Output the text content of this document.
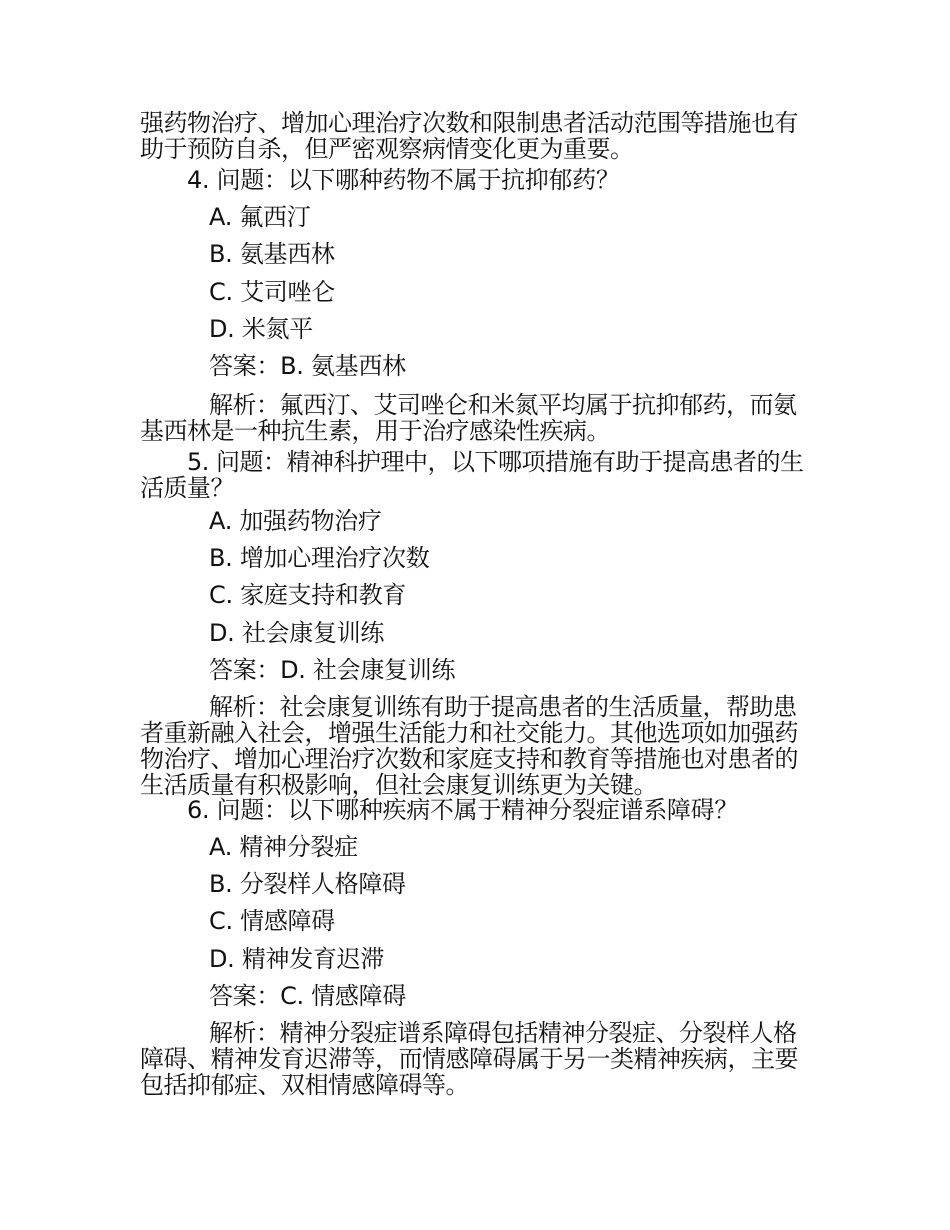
强药物治疗、增加心理治疗次数和限制患者活动范围等措施也有助于预防自杀，但严密观察病情变化更为重要。
4. 问题：以下哪种药物不属于抗抑郁药？
A. 氟西汀
B. 氨基西林
C. 艾司唑仑
D. 米氮平
答案：B. 氨基西林
解析：氟西汀、艾司唑仑和米氮平均属于抗抑郁药，而氨基西林是一种抗生素，用于治疗感染性疾病。
5. 问题：精神科护理中，以下哪项措施有助于提高患者的生活质量？
A. 加强药物治疗
B. 增加心理治疗次数
C. 家庭支持和教育
D. 社会康复训练
答案：D. 社会康复训练
解析：社会康复训练有助于提高患者的生活质量，帮助患者重新融入社会，增强生活能力和社交能力。其他选项如加强药物治疗、增加心理治疗次数和家庭支持和教育等措施也对患者的生活质量有积极影响，但社会康复训练更为关键。
6. 问题：以下哪种疾病不属于精神分裂症谱系障碍？
A. 精神分裂症
B. 分裂样人格障碍
C. 情感障碍
D. 精神发育迟滞
答案：C. 情感障碍
解析：精神分裂症谱系障碍包括精神分裂症、分裂样人格障碍、精神发育迟滞等，而情感障碍属于另一类精神疾病，主要包括抑郁症、双相情感障碍等。
